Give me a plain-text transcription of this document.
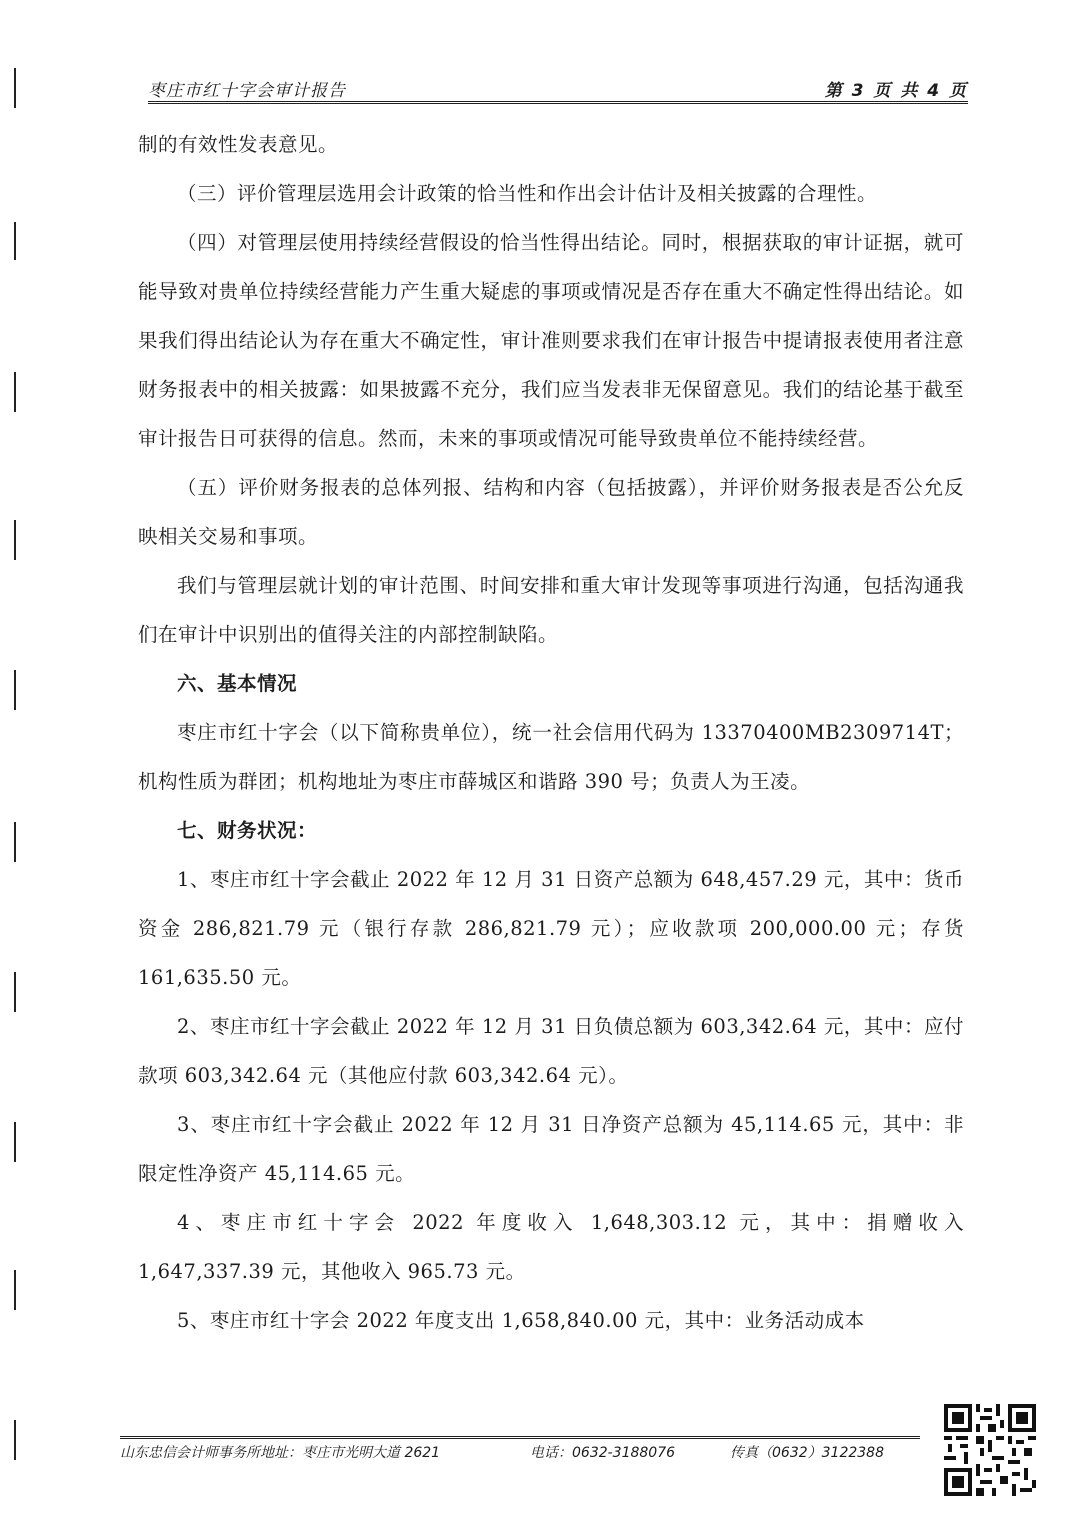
枣庄市红十字会审计报告	第 3 页 共 4 页

制的有效性发表意见。

（三）评价管理层选用会计政策的恰当性和作出会计估计及相关披露的合理性。

（四）对管理层使用持续经营假设的恰当性得出结论。同时，根据获取的审计证据，就可能导致对贵单位持续经营能力产生重大疑虑的事项或情况是否存在重大不确定性得出结论。如果我们得出结论认为存在重大不确定性，审计准则要求我们在审计报告中提请报表使用者注意财务报表中的相关披露：如果披露不充分，我们应当发表非无保留意见。我们的结论基于截至审计报告日可获得的信息。然而，未来的事项或情况可能导致贵单位不能持续经营。

（五）评价财务报表的总体列报、结构和内容（包括披露），并评价财务报表是否公允反映相关交易和事项。

我们与管理层就计划的审计范围、时间安排和重大审计发现等事项进行沟通，包括沟通我们在审计中识别出的值得关注的内部控制缺陷。

六、基本情况

枣庄市红十字会（以下简称贵单位），统一社会信用代码为 13370400MB2309714T；机构性质为群团；机构地址为枣庄市薛城区和谐路 390 号；负责人为王凌。

七、财务状况：

1、枣庄市红十字会截止 2022 年 12 月 31 日资产总额为 648,457.29 元，其中：货币资金 286,821.79 元（银行存款 286,821.79 元）；应收款项 200,000.00 元；存货 161,635.50 元。

2、枣庄市红十字会截止 2022 年 12 月 31 日负债总额为 603,342.64 元，其中：应付款项 603,342.64 元（其他应付款 603,342.64 元）。

3、枣庄市红十字会截止 2022 年 12 月 31 日净资产总额为 45,114.65 元，其中：非限定性净资产 45,114.65 元。

4、枣庄市红十字会 2022 年度收入 1,648,303.12 元，其中：捐赠收入 1,647,337.39 元，其他收入 965.73 元。

5、枣庄市红十字会 2022 年度支出 1,658,840.00 元，其中：业务活动成本

山东忠信会计师事务所地址：枣庄市光明大道 2621	电话：0632-3188076	传真（0632）3122388
